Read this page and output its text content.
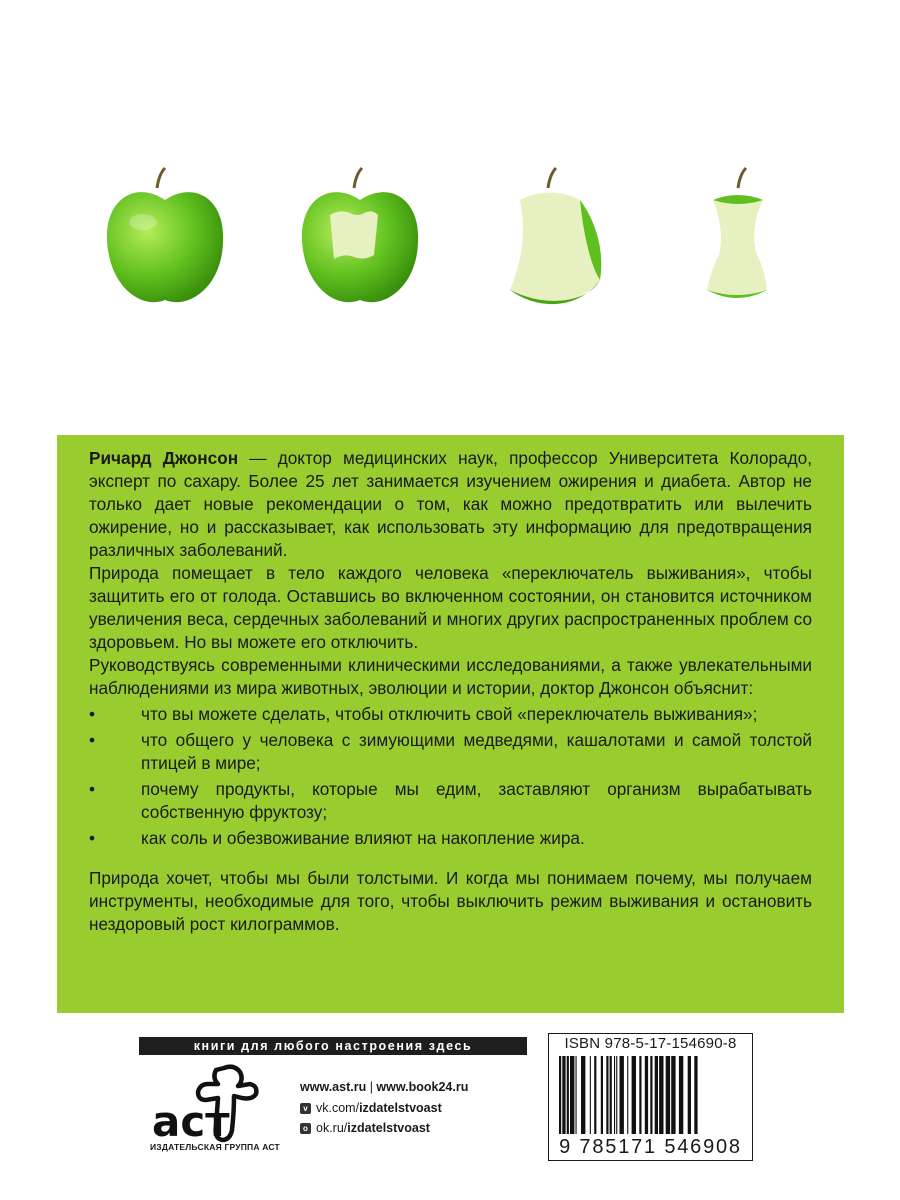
Ричард Джонсон — доктор медицинских наук, профессор Университета Колорадо, эксперт по сахару. Более 25 лет занимается изучением ожирения и диабета. Автор не только дает новые рекомендации о том, как можно предотвратить или вылечить ожирение, но и рассказывает, как использовать эту информацию для предотвращения различных заболеваний.

Природа помещает в тело каждого человека «переключатель выживания», чтобы защитить его от голода. Оставшись во включенном состоянии, он становится источником увеличения веса, сердечных заболеваний и многих других распространенных проблем со здоровьем. Но вы можете его отключить.

Руководствуясь современными клиническими исследованиями, а также увлекательными наблюдениями из мира животных, эволюции и истории, доктор Джонсон объяснит:

•	что вы можете сделать, чтобы отключить свой «переключатель выживания»;
•	что общего у человека с зимующими медведями, кашалотами и самой толстой птицей в мире;
•	почему продукты, которые мы едим, заставляют организм вырабатывать собственную фруктозу;
•	как соль и обезвоживание влияют на накопление жира.

Природа хочет, чтобы мы были толстыми. И когда мы понимаем почему, мы получаем инструменты, необходимые для того, чтобы выключить режим выживания и остановить нездоровый рост килограммов.

книги для любого настроения здесь
аст
ИЗДАТЕЛЬСКАЯ ГРУППА АСТ
www.ast.ru | www.book24.ru
v vk.com/ izdatelstvoast
o ok.ru/ izdatelstvoast
ISBN 978-5-17-154690-8
9 785171 546908
